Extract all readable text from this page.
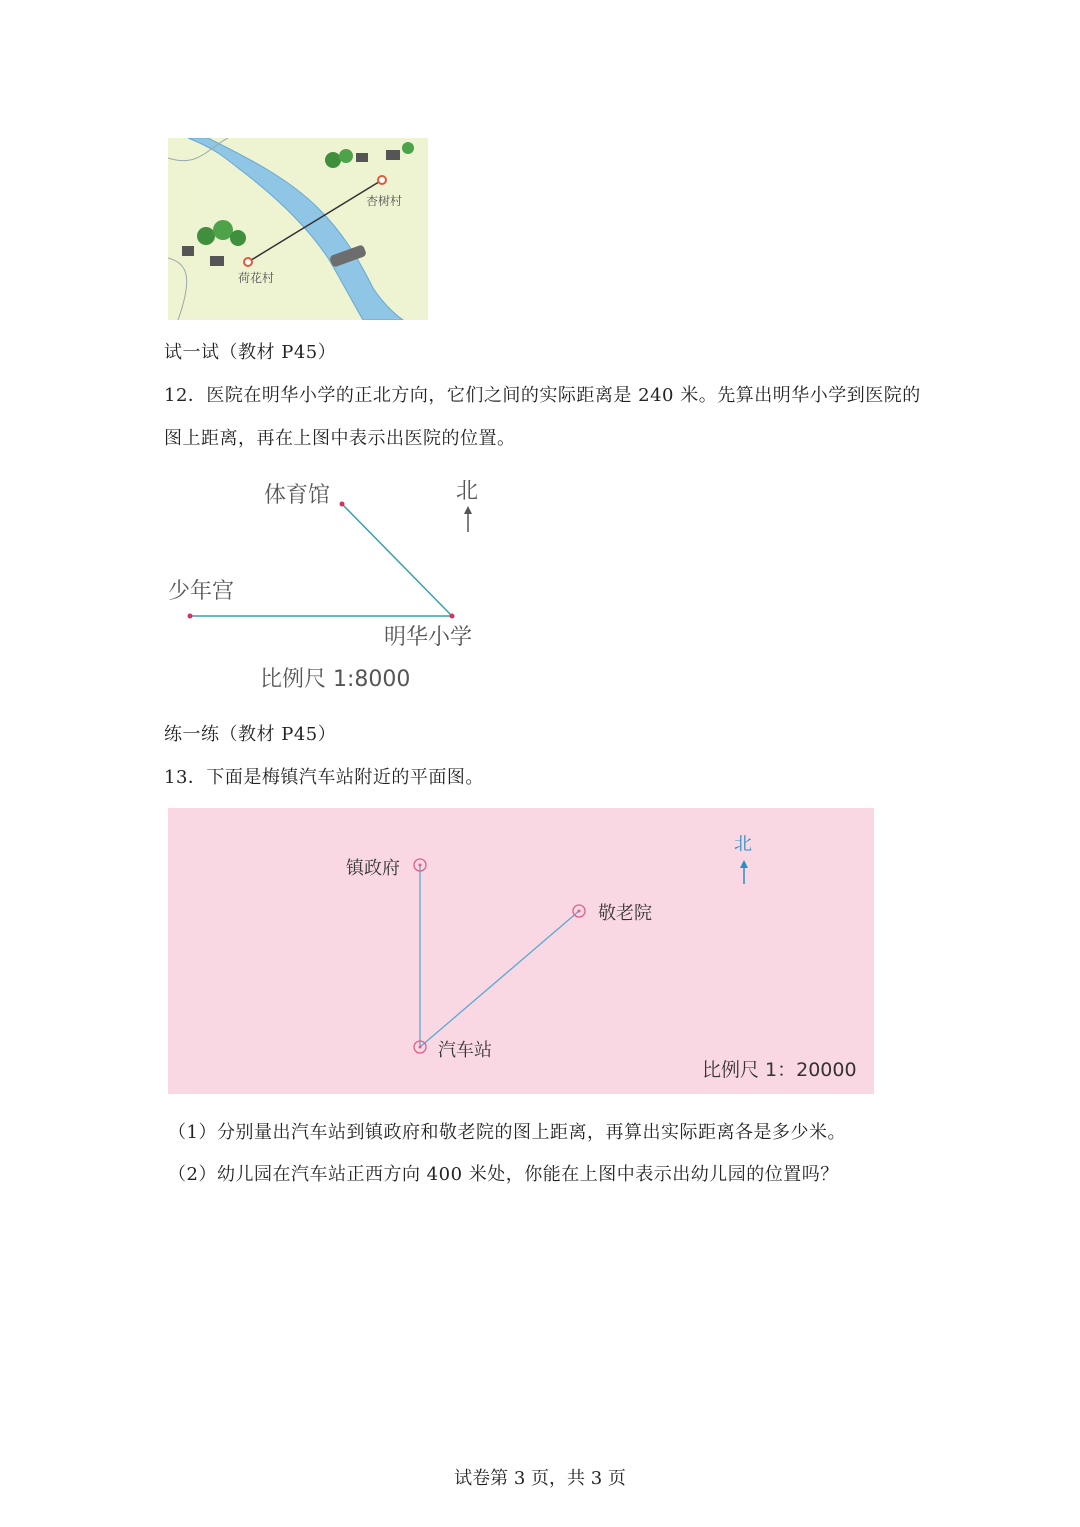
杏树村
荷花村
试一试（教材 P45）
12．医院在明华小学的正北方向，它们之间的实际距离是 240 米。先算出明华小学到医院的
图上距离，再在上图中表示出医院的位置。
体育馆	北
少年宫
明华小学
比例尺 1:8000
练一练（教材 P45）
13．下面是梅镇汽车站附近的平面图。
镇政府
敬老院
汽车站
北
比例尺 1：20000
（1）分别量出汽车站到镇政府和敬老院的图上距离，再算出实际距离各是多少米。
（2）幼儿园在汽车站正西方向 400 米处，你能在上图中表示出幼儿园的位置吗？
试卷第 3 页，共 3 页
